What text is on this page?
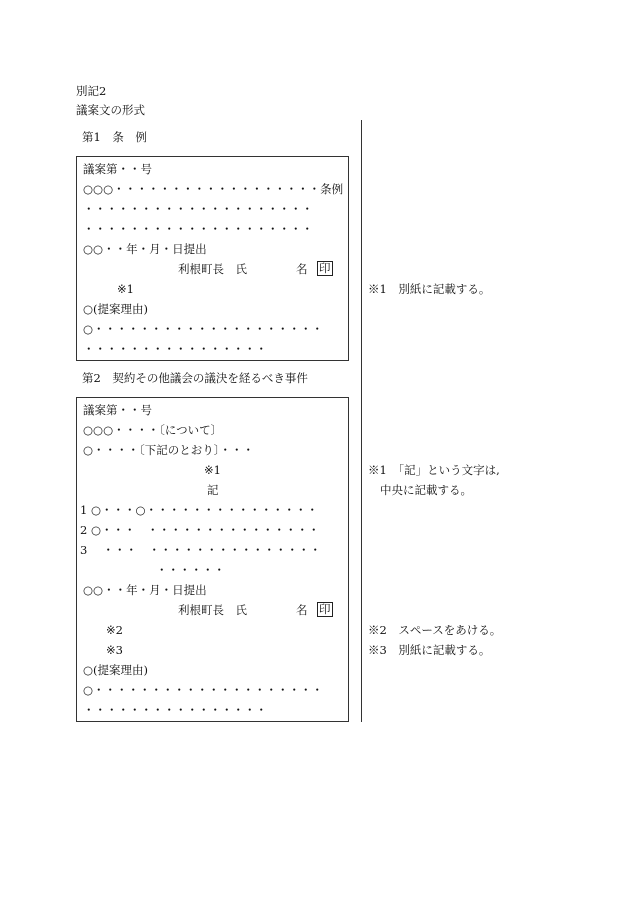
別記2
議案文の形式
第1　条　例
議案第・・号
○○○・・・・・・・・・・・・・・・・・・条例
・・・・・・・・・・・・・・・・・・・・
・・・・・・・・・・・・・・・・・・・・
○○・・年・月・日提出
利根町長　氏	名 印
※1
○(提案理由)
○・・・・・・・・・・・・・・・・・・・・
・・・・・・・・・・・・・・・・
※1　別紙に記載する。
第2　契約その他議会の議決を経るべき事件
議案第・・号
○○○・・・・〔について〕
○・・・・〔下記のとおり〕・・・
※1
記
1 ○・・・○・・・・・・・・・・・・・・・
2 ○・・・　・・・・・・・・・・・・・・・
3 　・・・　・・・・・・・・・・・・・・・
・・・・・・
○○・・年・月・日提出
利根町長　氏	名 印
※2
※3
○(提案理由)
○・・・・・・・・・・・・・・・・・・・・
・・・・・・・・・・・・・・・・
※1　「記」という文字は,
中央に記載する。
※2　スペースをあける。
※3　別紙に記載する。
